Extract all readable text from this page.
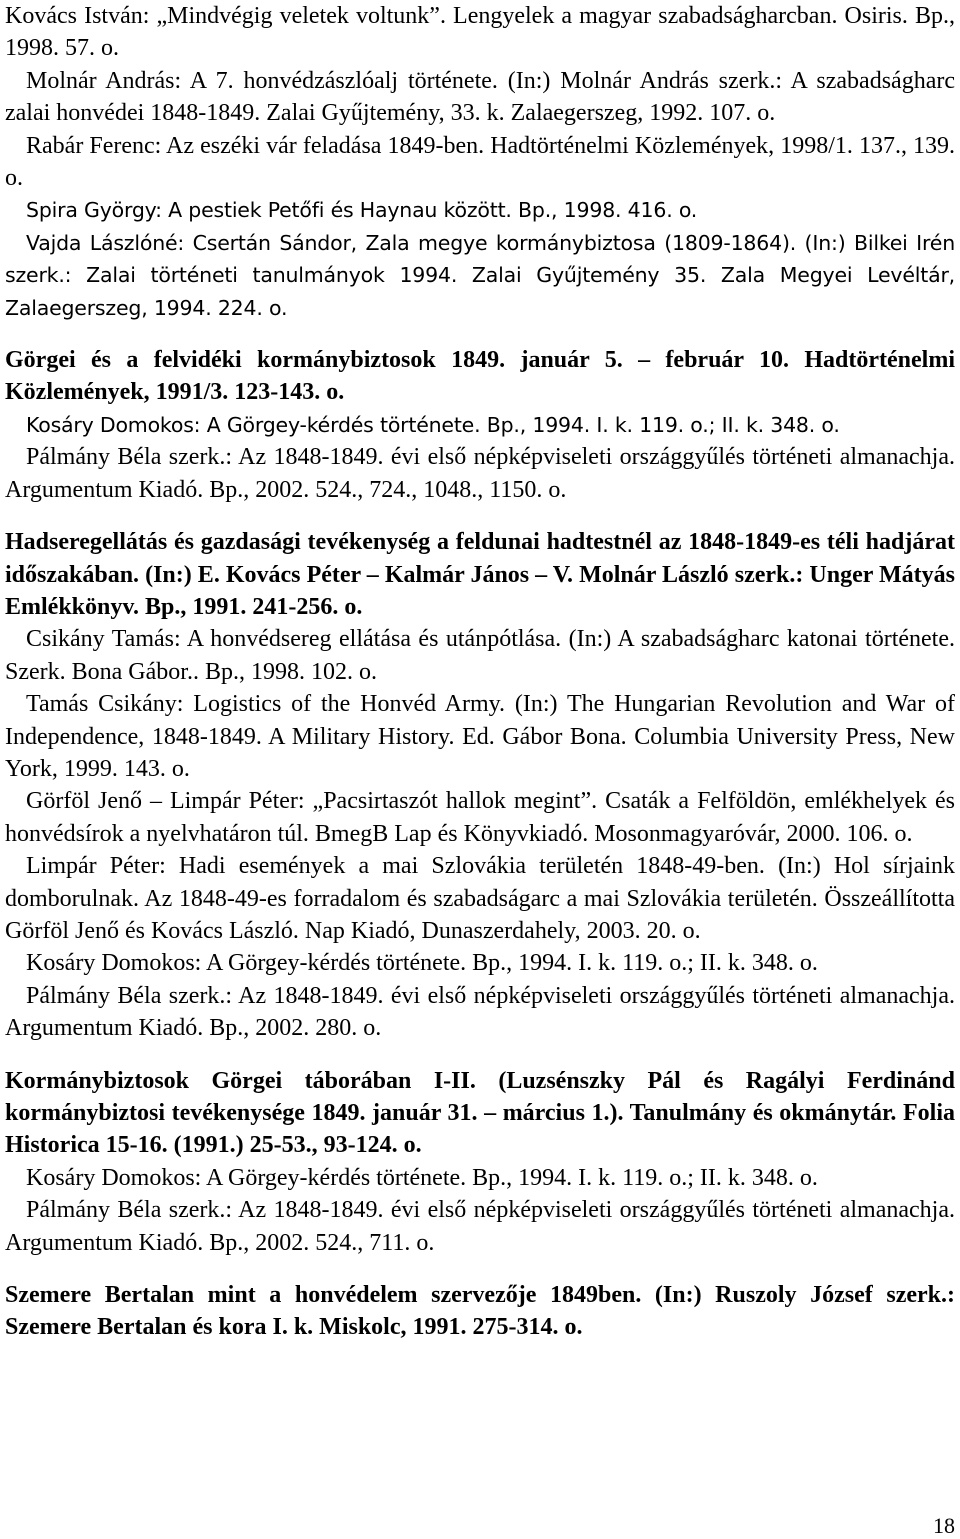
Kovács István: „Mindvégig veletek voltunk”. Lengyelek a magyar szabadságharcban. Osiris. Bp., 1998. 57. o.

Molnár András: A 7. honvédzászlóalj története. (In:) Molnár András szerk.: A szabadságharc zalai honvédei 1848-1849. Zalai Gyűjtemény, 33. k. Zalaegerszeg, 1992. 107. o.

Rabár Ferenc: Az eszéki vár feladása 1849-ben. Hadtörténelmi Közlemények, 1998/1. 137., 139. o.

Spira György: A pestiek Petőfi és Haynau között. Bp., 1998. 416. o.

Vajda Lászlóné: Csertán Sándor, Zala megye kormánybiztosa (1809-1864). (In:) Bilkei Irén szerk.: Zalai történeti tanulmányok 1994. Zalai Gyűjtemény 35. Zala Megyei Levéltár, Zalaegerszeg, 1994. 224. o.

Görgei és a felvidéki kormánybiztosok 1849. január 5. – február 10. Hadtörténelmi Közlemények, 1991/3. 123-143. o.

Kosáry Domokos: A Görgey-kérdés története. Bp., 1994. I. k. 119. o.; II. k. 348. o.

Pálmány Béla szerk.: Az 1848-1849. évi első népképviseleti országgyűlés történeti almanachja. Argumentum Kiadó. Bp., 2002. 524., 724., 1048., 1150. o.

Hadseregellátás és gazdasági tevékenység a feldunai hadtestnél az 1848-1849-es téli hadjárat időszakában. (In:) E. Kovács Péter – Kalmár János – V. Molnár László szerk.: Unger Mátyás Emlékkönyv. Bp., 1991. 241-256. o.

Csikány Tamás: A honvédsereg ellátása és utánpótlása. (In:) A szabadságharc katonai története. Szerk. Bona Gábor.. Bp., 1998. 102. o.

Tamás Csikány: Logistics of the Honvéd Army. (In:) The Hungarian Revolution and War of Independence, 1848-1849. A Military History. Ed. Gábor Bona. Columbia University Press, New York, 1999. 143. o.

Görföl Jenő – Limpár Péter: „Pacsirtaszót hallok megint”. Csaták a Felföldön, emlékhelyek és honvédsírok a nyelvhatáron túl. BmegB Lap és Könyvkiadó. Mosonmagyaróvár, 2000. 106. o.

Limpár Péter: Hadi események a mai Szlovákia területén 1848-49-ben. (In:) Hol sírjaink domborulnak. Az 1848-49-es forradalom és szabadságarc a mai Szlovákia területén. Összeállította Görföl Jenő és Kovács László. Nap Kiadó, Dunaszerdahely, 2003. 20. o.

Kosáry Domokos: A Görgey-kérdés története. Bp., 1994. I. k. 119. o.; II. k. 348. o.

Pálmány Béla szerk.: Az 1848-1849. évi első népképviseleti országgyűlés történeti almanachja. Argumentum Kiadó. Bp., 2002. 280. o.

Kormánybiztosok Görgei táborában I-II. (Luzsénszky Pál és Ragályi Ferdinánd kormánybiztosi tevékenysége 1849. január 31. – március 1.). Tanulmány és okmánytár. Folia Historica 15-16. (1991.) 25-53., 93-124. o.

Kosáry Domokos: A Görgey-kérdés története. Bp., 1994. I. k. 119. o.; II. k. 348. o.

Pálmány Béla szerk.: Az 1848-1849. évi első népképviseleti országgyűlés történeti almanachja. Argumentum Kiadó. Bp., 2002. 524., 711. o.

Szemere Bertalan mint a honvédelem szervezője 1849ben. (In:) Ruszoly József szerk.: Szemere Bertalan és kora I. k. Miskolc, 1991. 275-314. o.

18
